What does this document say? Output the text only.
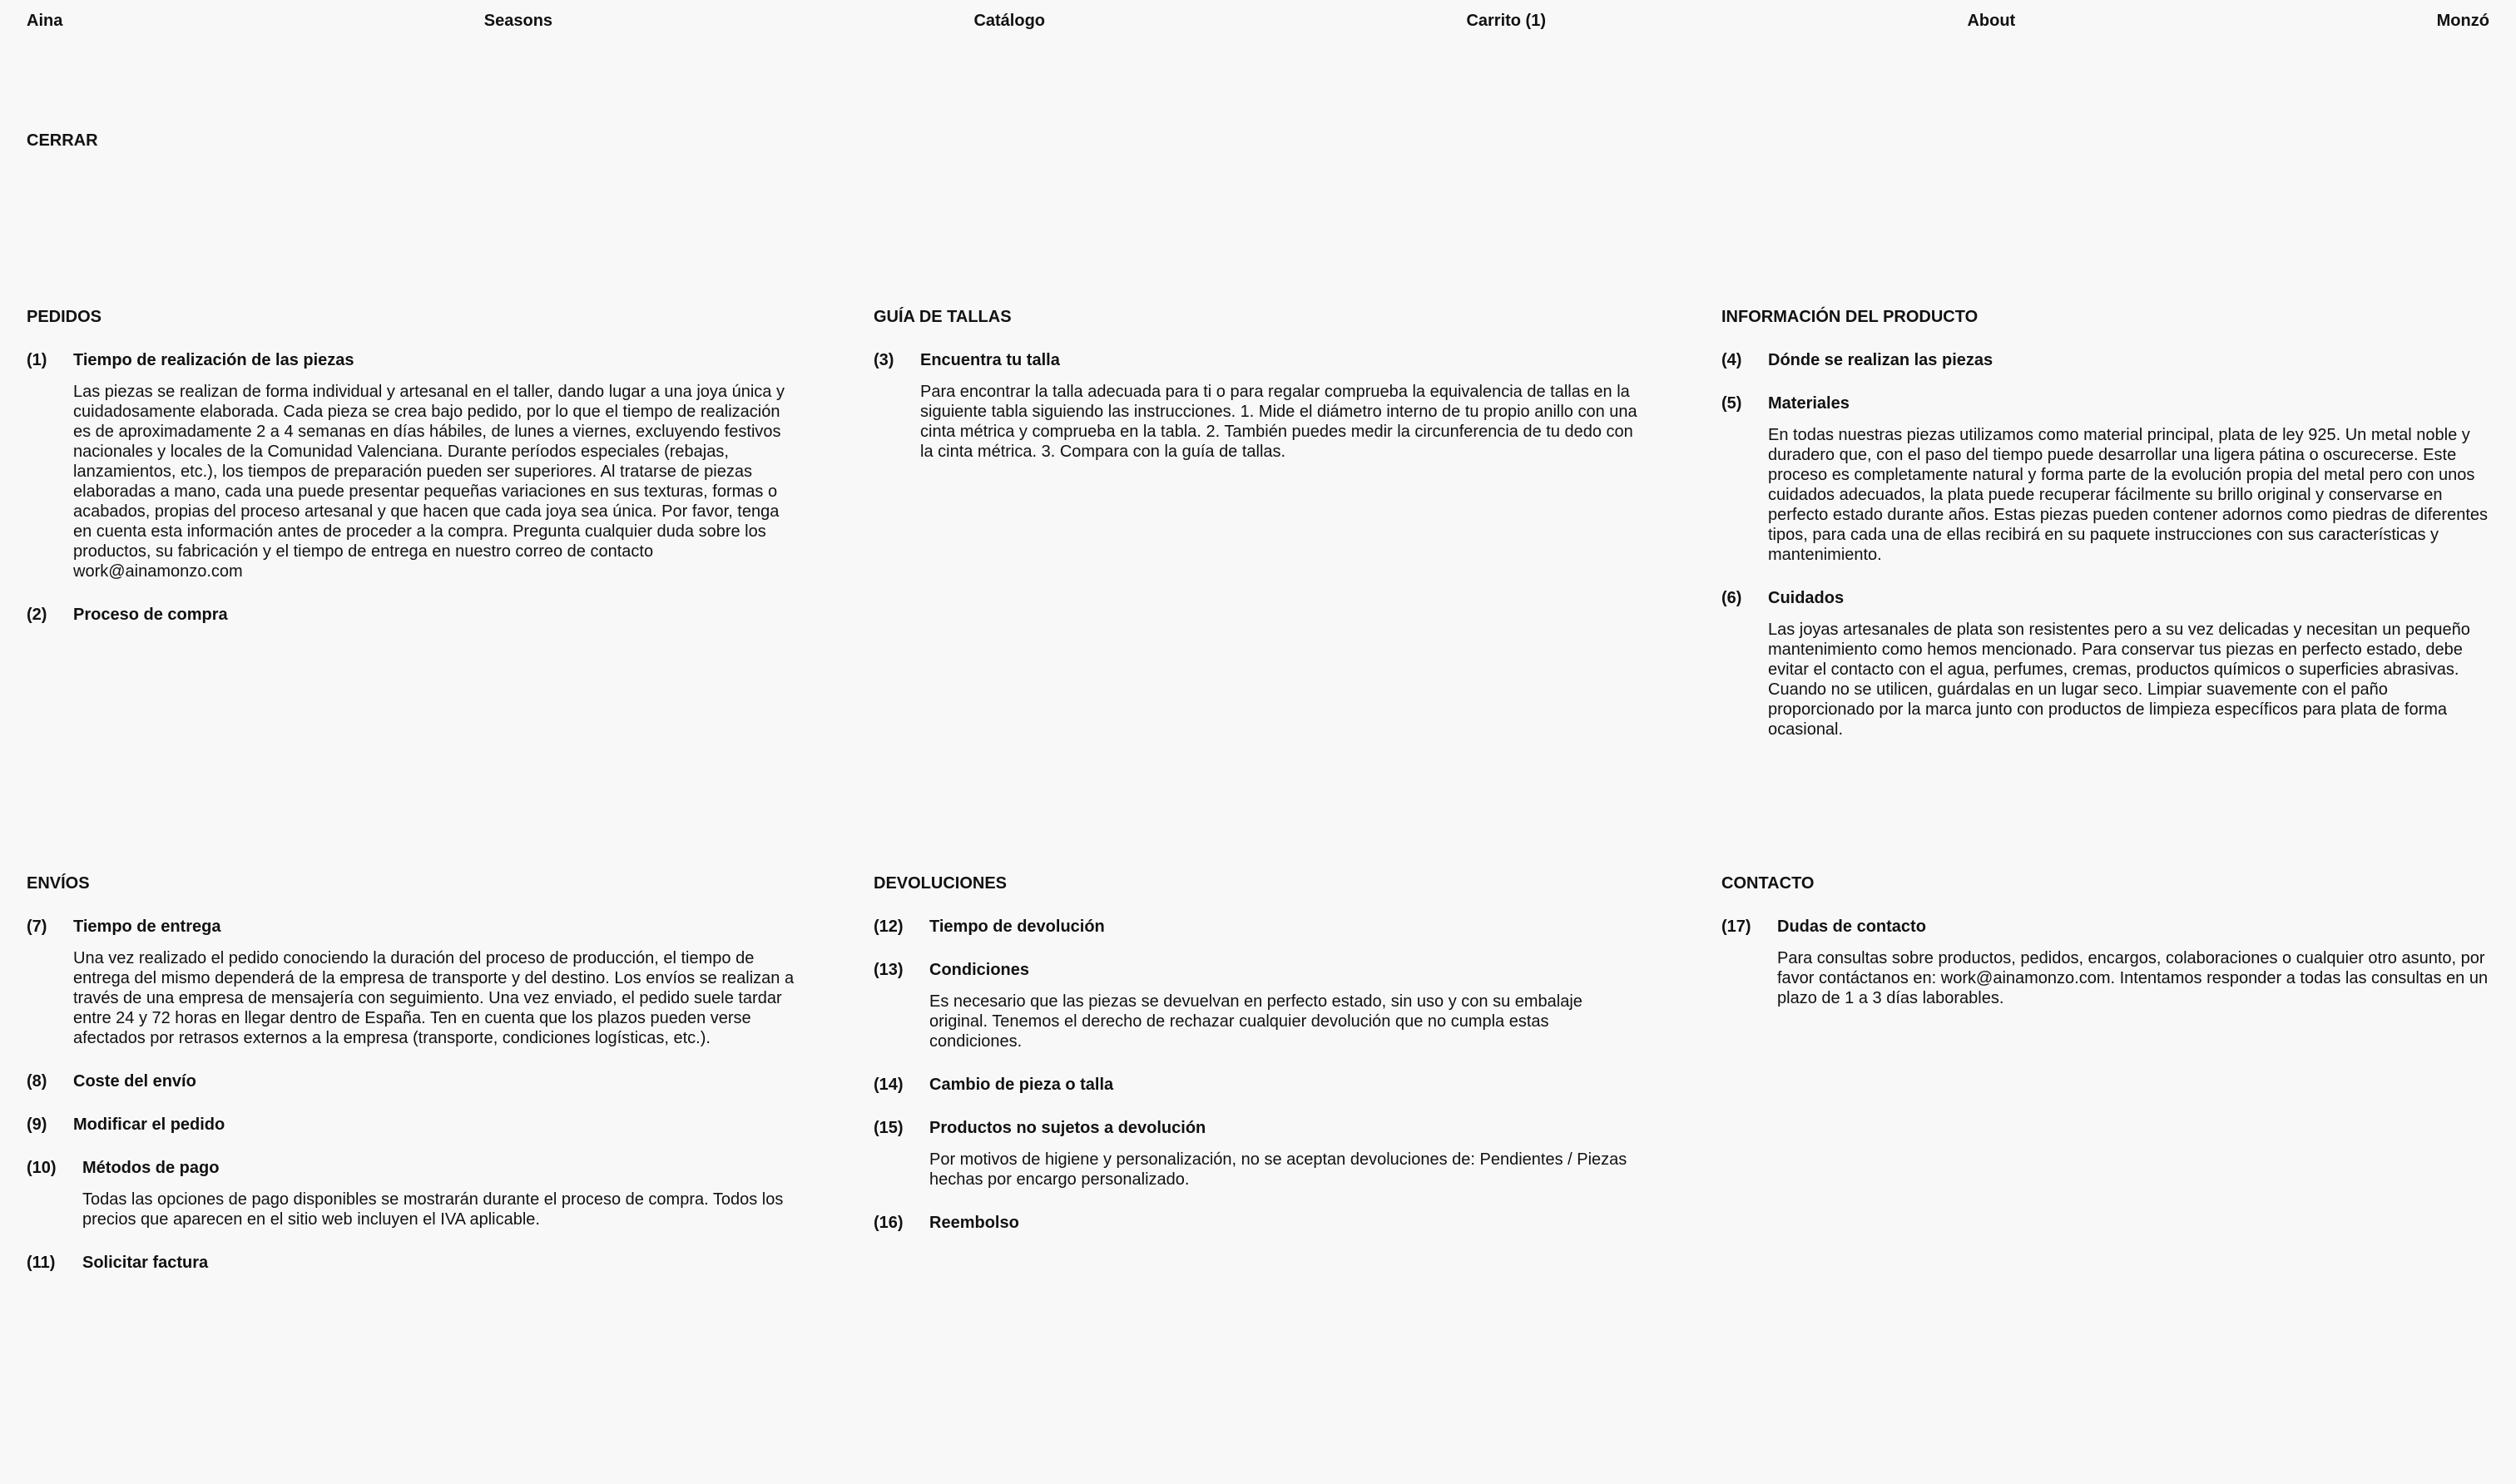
Aina	Seasons	Catálogo	Carrito (1)	About	Monzó
CERRAR
PEDIDOS
(1)	Tiempo de realización de las piezas
Las piezas se realizan de forma individual y artesanal en el taller, dando lugar a una joya única y cuidadosamente elaborada. Cada pieza se crea bajo pedido, por lo que el tiempo de realización es de aproximadamente 2 a 4 semanas en días hábiles, de lunes a viernes, excluyendo festivos nacionales y locales de la Comunidad Valenciana. Durante períodos especiales (rebajas, lanzamientos, etc.), los tiempos de preparación pueden ser superiores. Al tratarse de piezas elaboradas a mano, cada una puede presentar pequeñas variaciones en sus texturas, formas o acabados, propias del proceso artesanal y que hacen que cada joya sea única. Por favor, tenga en cuenta esta información antes de proceder a la compra. Pregunta cualquier duda sobre los productos, su fabricación y el tiempo de entrega en nuestro correo de contacto work@ainamonzo.com
(2)	Proceso de compra
GUÍA DE TALLAS
(3)	Encuentra tu talla
Para encontrar la talla adecuada para ti o para regalar comprueba la equivalencia de tallas en la siguiente tabla siguiendo las instrucciones. 1. Mide el diámetro interno de tu propio anillo con una cinta métrica y comprueba en la tabla. 2. También puedes medir la circunferencia de tu dedo con la cinta métrica. 3. Compara con la guía de tallas.
INFORMACIÓN DEL PRODUCTO
(4)	Dónde se realizan las piezas
(5)	Materiales
En todas nuestras piezas utilizamos como material principal, plata de ley 925. Un metal noble y duradero que, con el paso del tiempo puede desarrollar una ligera pátina o oscurecerse. Este proceso es completamente natural y forma parte de la evolución propia del metal pero con unos cuidados adecuados, la plata puede recuperar fácilmente su brillo original y conservarse en perfecto estado durante años. Estas piezas pueden contener adornos como piedras de diferentes tipos, para cada una de ellas recibirá en su paquete instrucciones con sus características y mantenimiento.
(6)	Cuidados
Las joyas artesanales de plata son resistentes pero a su vez delicadas y necesitan un pequeño mantenimiento como hemos mencionado. Para conservar tus piezas en perfecto estado, debe evitar el contacto con el agua, perfumes, cremas, productos químicos o superficies abrasivas. Cuando no se utilicen, guárdalas en un lugar seco. Limpiar suavemente con el paño proporcionado por la marca junto con productos de limpieza específicos para plata de forma ocasional.
ENVÍOS
(7)	Tiempo de entrega
Una vez realizado el pedido conociendo la duración del proceso de producción, el tiempo de entrega del mismo dependerá de la empresa de transporte y del destino. Los envíos se realizan a través de una empresa de mensajería con seguimiento. Una vez enviado, el pedido suele tardar entre 24 y 72 horas en llegar dentro de España. Ten en cuenta que los plazos pueden verse afectados por retrasos externos a la empresa (transporte, condiciones logísticas, etc.).
(8)	Coste del envío
(9)	Modificar el pedido
(10)	Métodos de pago
Todas las opciones de pago disponibles se mostrarán durante el proceso de compra. Todos los precios que aparecen en el sitio web incluyen el IVA aplicable.
(11)	Solicitar factura
DEVOLUCIONES
(12)	Tiempo de devolución
(13)	Condiciones
Es necesario que las piezas se devuelvan en perfecto estado, sin uso y con su embalaje original. Tenemos el derecho de rechazar cualquier devolución que no cumpla estas condiciones.
(14)	Cambio de pieza o talla
(15)	Productos no sujetos a devolución
Por motivos de higiene y personalización, no se aceptan devoluciones de: Pendientes / Piezas hechas por encargo personalizado.
(16)	Reembolso
CONTACTO
(17)	Dudas de contacto
Para consultas sobre productos, pedidos, encargos, colaboraciones o cualquier otro asunto, por favor contáctanos en: work@ainamonzo.com. Intentamos responder a todas las consultas en un plazo de 1 a 3 días laborables.
